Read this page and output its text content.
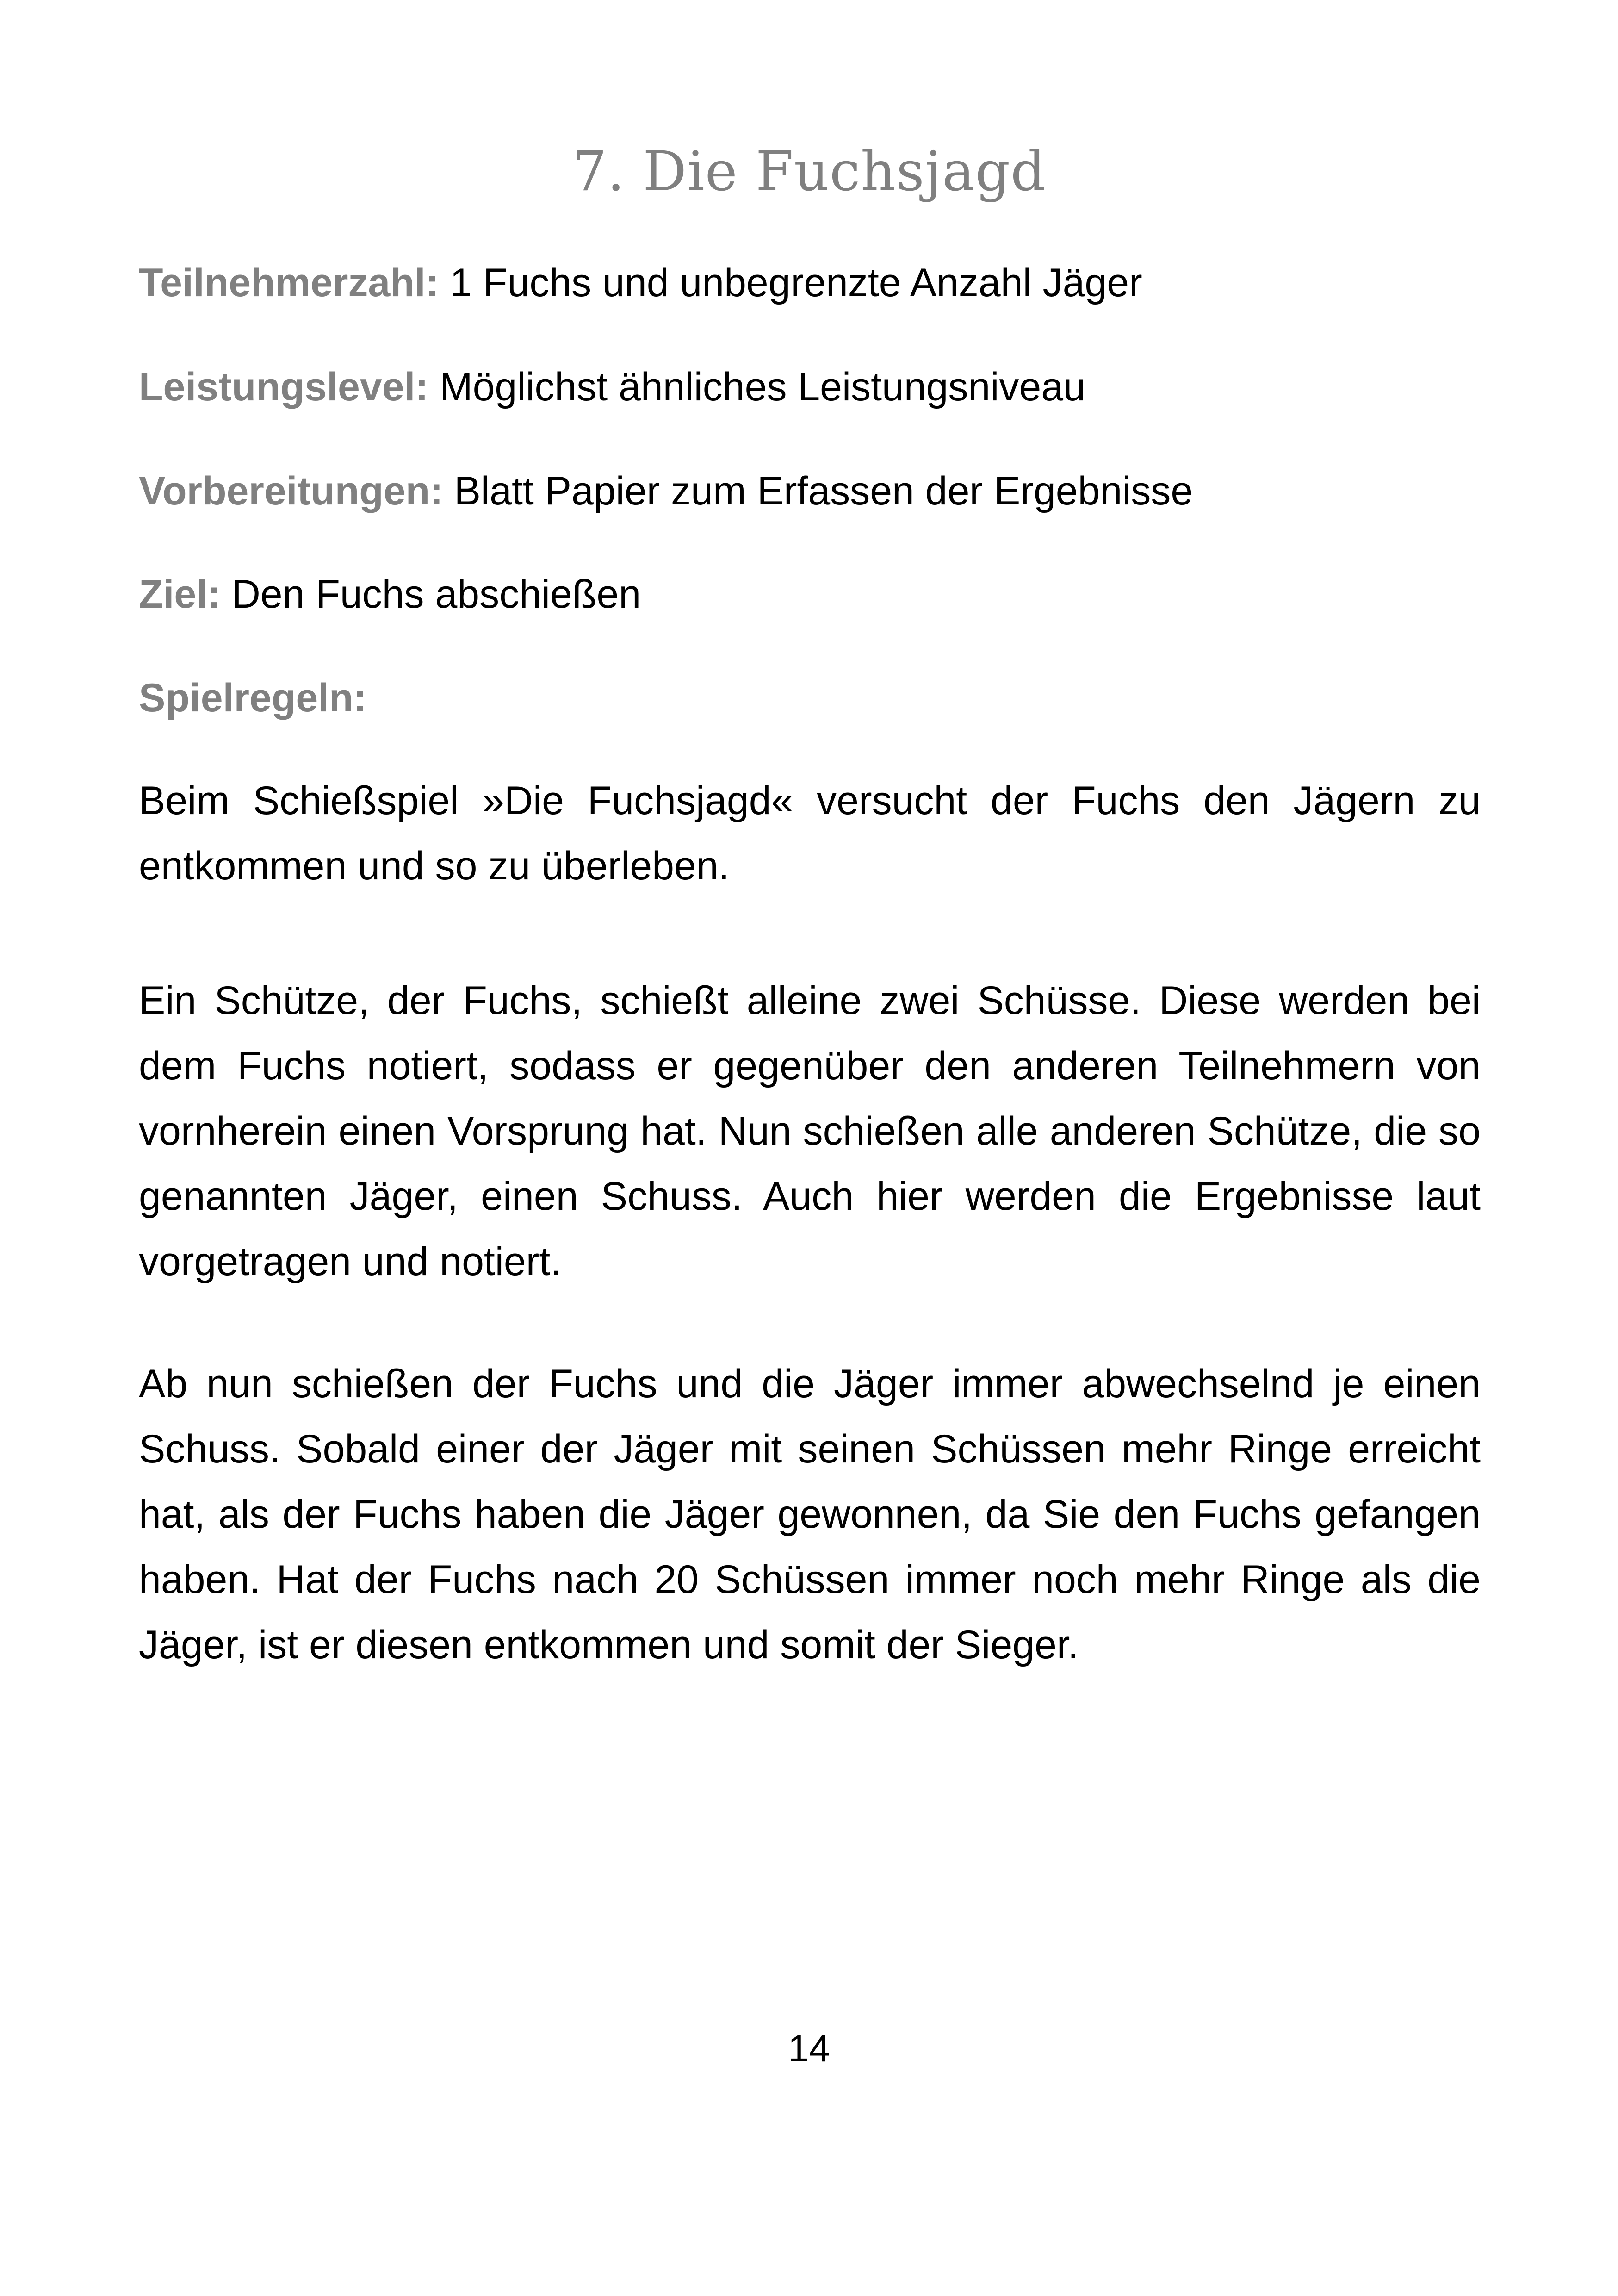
7. Die Fuchsjagd
Teilnehmerzahl: 1 Fuchs und unbegrenzte Anzahl Jäger
Leistungslevel: Möglichst ähnliches Leistungsniveau
Vorbereitungen: Blatt Papier zum Erfassen der Ergebnisse
Ziel: Den Fuchs abschießen
Spielregeln:

Beim Schießspiel »Die Fuchsjagd« versucht der Fuchs den Jägern zu entkommen und so zu überleben.

Ein Schütze, der Fuchs, schießt alleine zwei Schüsse. Diese werden bei dem Fuchs notiert, sodass er gegenüber den anderen Teilnehmern von vornherein einen Vorsprung hat. Nun schießen alle anderen Schütze, die so genannten Jäger, einen Schuss. Auch hier werden die Ergebnisse laut vorgetragen und notiert.

Ab nun schießen der Fuchs und die Jäger immer abwechselnd je einen Schuss. Sobald einer der Jäger mit seinen Schüssen mehr Ringe erreicht hat, als der Fuchs haben die Jäger gewonnen, da Sie den Fuchs gefangen haben. Hat der Fuchs nach 20 Schüssen immer noch mehr Ringe als die Jäger, ist er diesen entkommen und somit der Sieger.

14
